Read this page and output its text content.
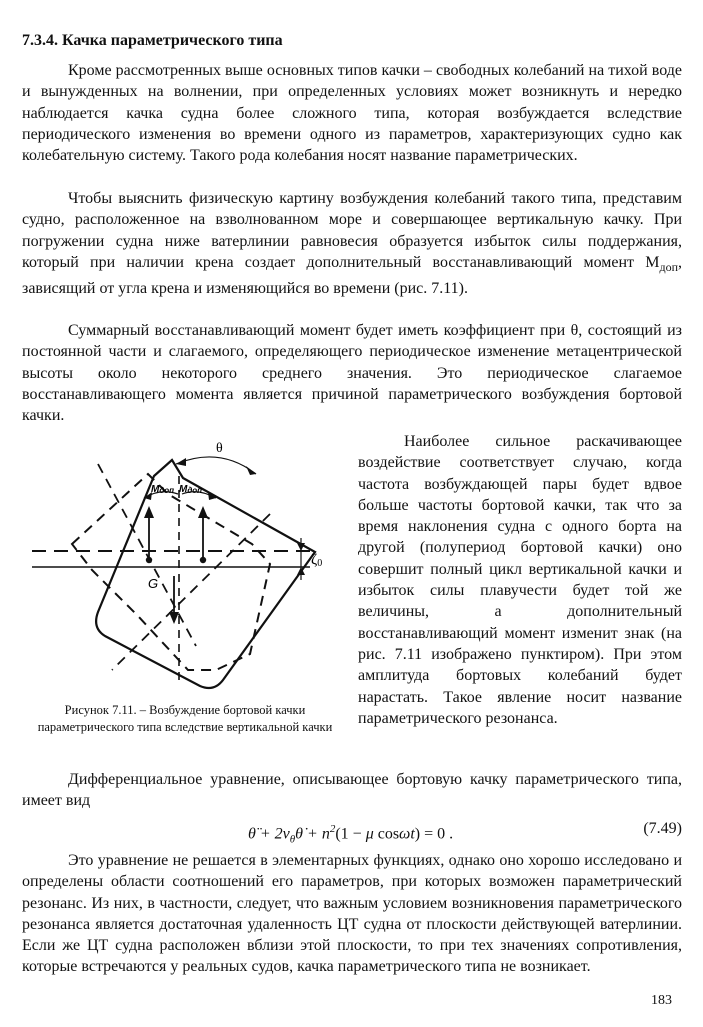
7.3.4. Качка параметрического типа

Кроме рассмотренных выше основных типов качки – свободных колебаний на тихой воде и вынужденных на волнении, при определенных условиях может возникнуть и нередко наблюдается качка судна более сложного типа, которая возбуждается вследствие периодического изменения во времени одного из параметров, характеризующих судно как колебательную систему. Такого рода колебания носят название параметрических.

Чтобы выяснить физическую картину возбуждения колебаний такого типа, представим судно, расположенное на взволнованном море и совершающее вертикальную качку. При погружении судна ниже ватерлинии равновесия образуется избыток силы поддержания, который при наличии крена создает дополнительный восстанавливающий момент $M_{доп}$, зависящий от угла крена и изменяющийся во времени (рис. 7.11).

Суммарный восстанавливающий момент будет иметь коэффициент при θ, состоящий из постоянной части и слагаемого, определяющего периодическое изменение метацентрической высоты около некоторого среднего значения. Это периодическое слагаемое восстанавливающего момента является причиной параметрического возбуждения бортовой качки.

θ
Mдоп Mдоп
G
ζ0
Рисунок 7.11. – Возбуждение бортовой качки параметрического типа вследствие вертикальной качки

Наиболее сильное раскачивающее воздействие соответствует случаю, когда частота возбуждающей пары будет вдвое больше частоты бортовой качки, так что за время наклонения судна с одного борта на другой (полупериод бортовой качки) оно совершит полный цикл вертикальной качки и избыток силы плавучести будет той же величины, а дополнительный восстанавливающий момент изменит знак (на рис. 7.11 изображено пунктиром). При этом амплитуда бортовых колебаний будет нарастать. Такое явление носит название параметрического резонанса.

Дифференциальное уравнение, описывающее бортовую качку параметрического типа, имеет вид

θ̈ + $2\nu_\theta\thetȧ + n^2(1 - \mu$ cosωt) = 0 .	(7.49)

Это уравнение не решается в элементарных функциях, однако оно хорошо исследовано и определены области соотношений его параметров, при которых возможен параметрический резонанс. Из них, в частности, следует, что важным условием возникновения параметрического резонанса является достаточная удаленность ЦТ судна от плоскости действующей ватерлинии. Если же ЦТ судна расположен вблизи этой плоскости, то при тех значениях сопротивления, которые встречаются у реальных судов, качка параметрического типа не возникает.

183
